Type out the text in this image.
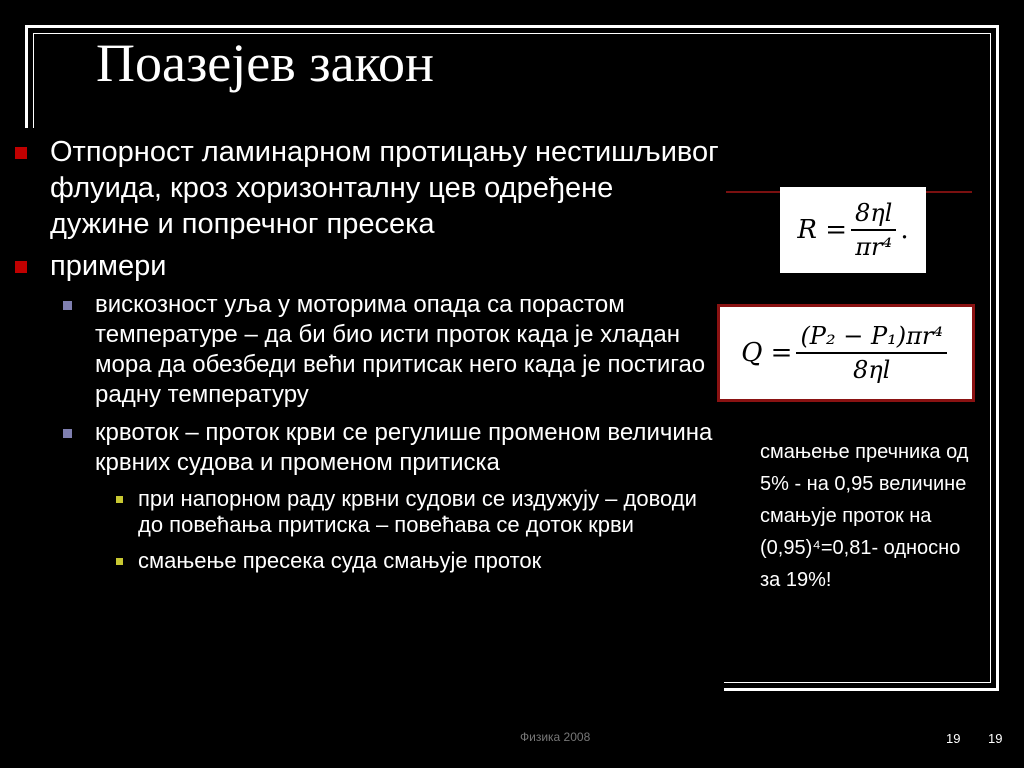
Поазејев закон
Отпорност ламинарном протицању нестишљивог флуида, кроз хоризонталну цев одређене дужине и попречног пресека
примери
вискозност уља у моторима опада са порастом температуре – да би био исти проток када је хладан мора да обезбеди већи притисак него када је постигао радну температуру
крвоток – проток крви се регулише променом величина крвних судова и променом притиска
при напорном раду крвни судови се издужују – доводи до повећања притиска – повећава се доток крви
смањење пресека суда смањује проток
$R = \frac{8\eta l}{\text{πr⁴}}$ .
$Q = \frac{\text{(P₂ − P₁)πr⁴}}{8\eta l}$
смањење пречника од
5% - на 0,95 величине
смањује проток на
(0,95)⁴=0,81- односно
за 19%!
Физика 2008	19 19
